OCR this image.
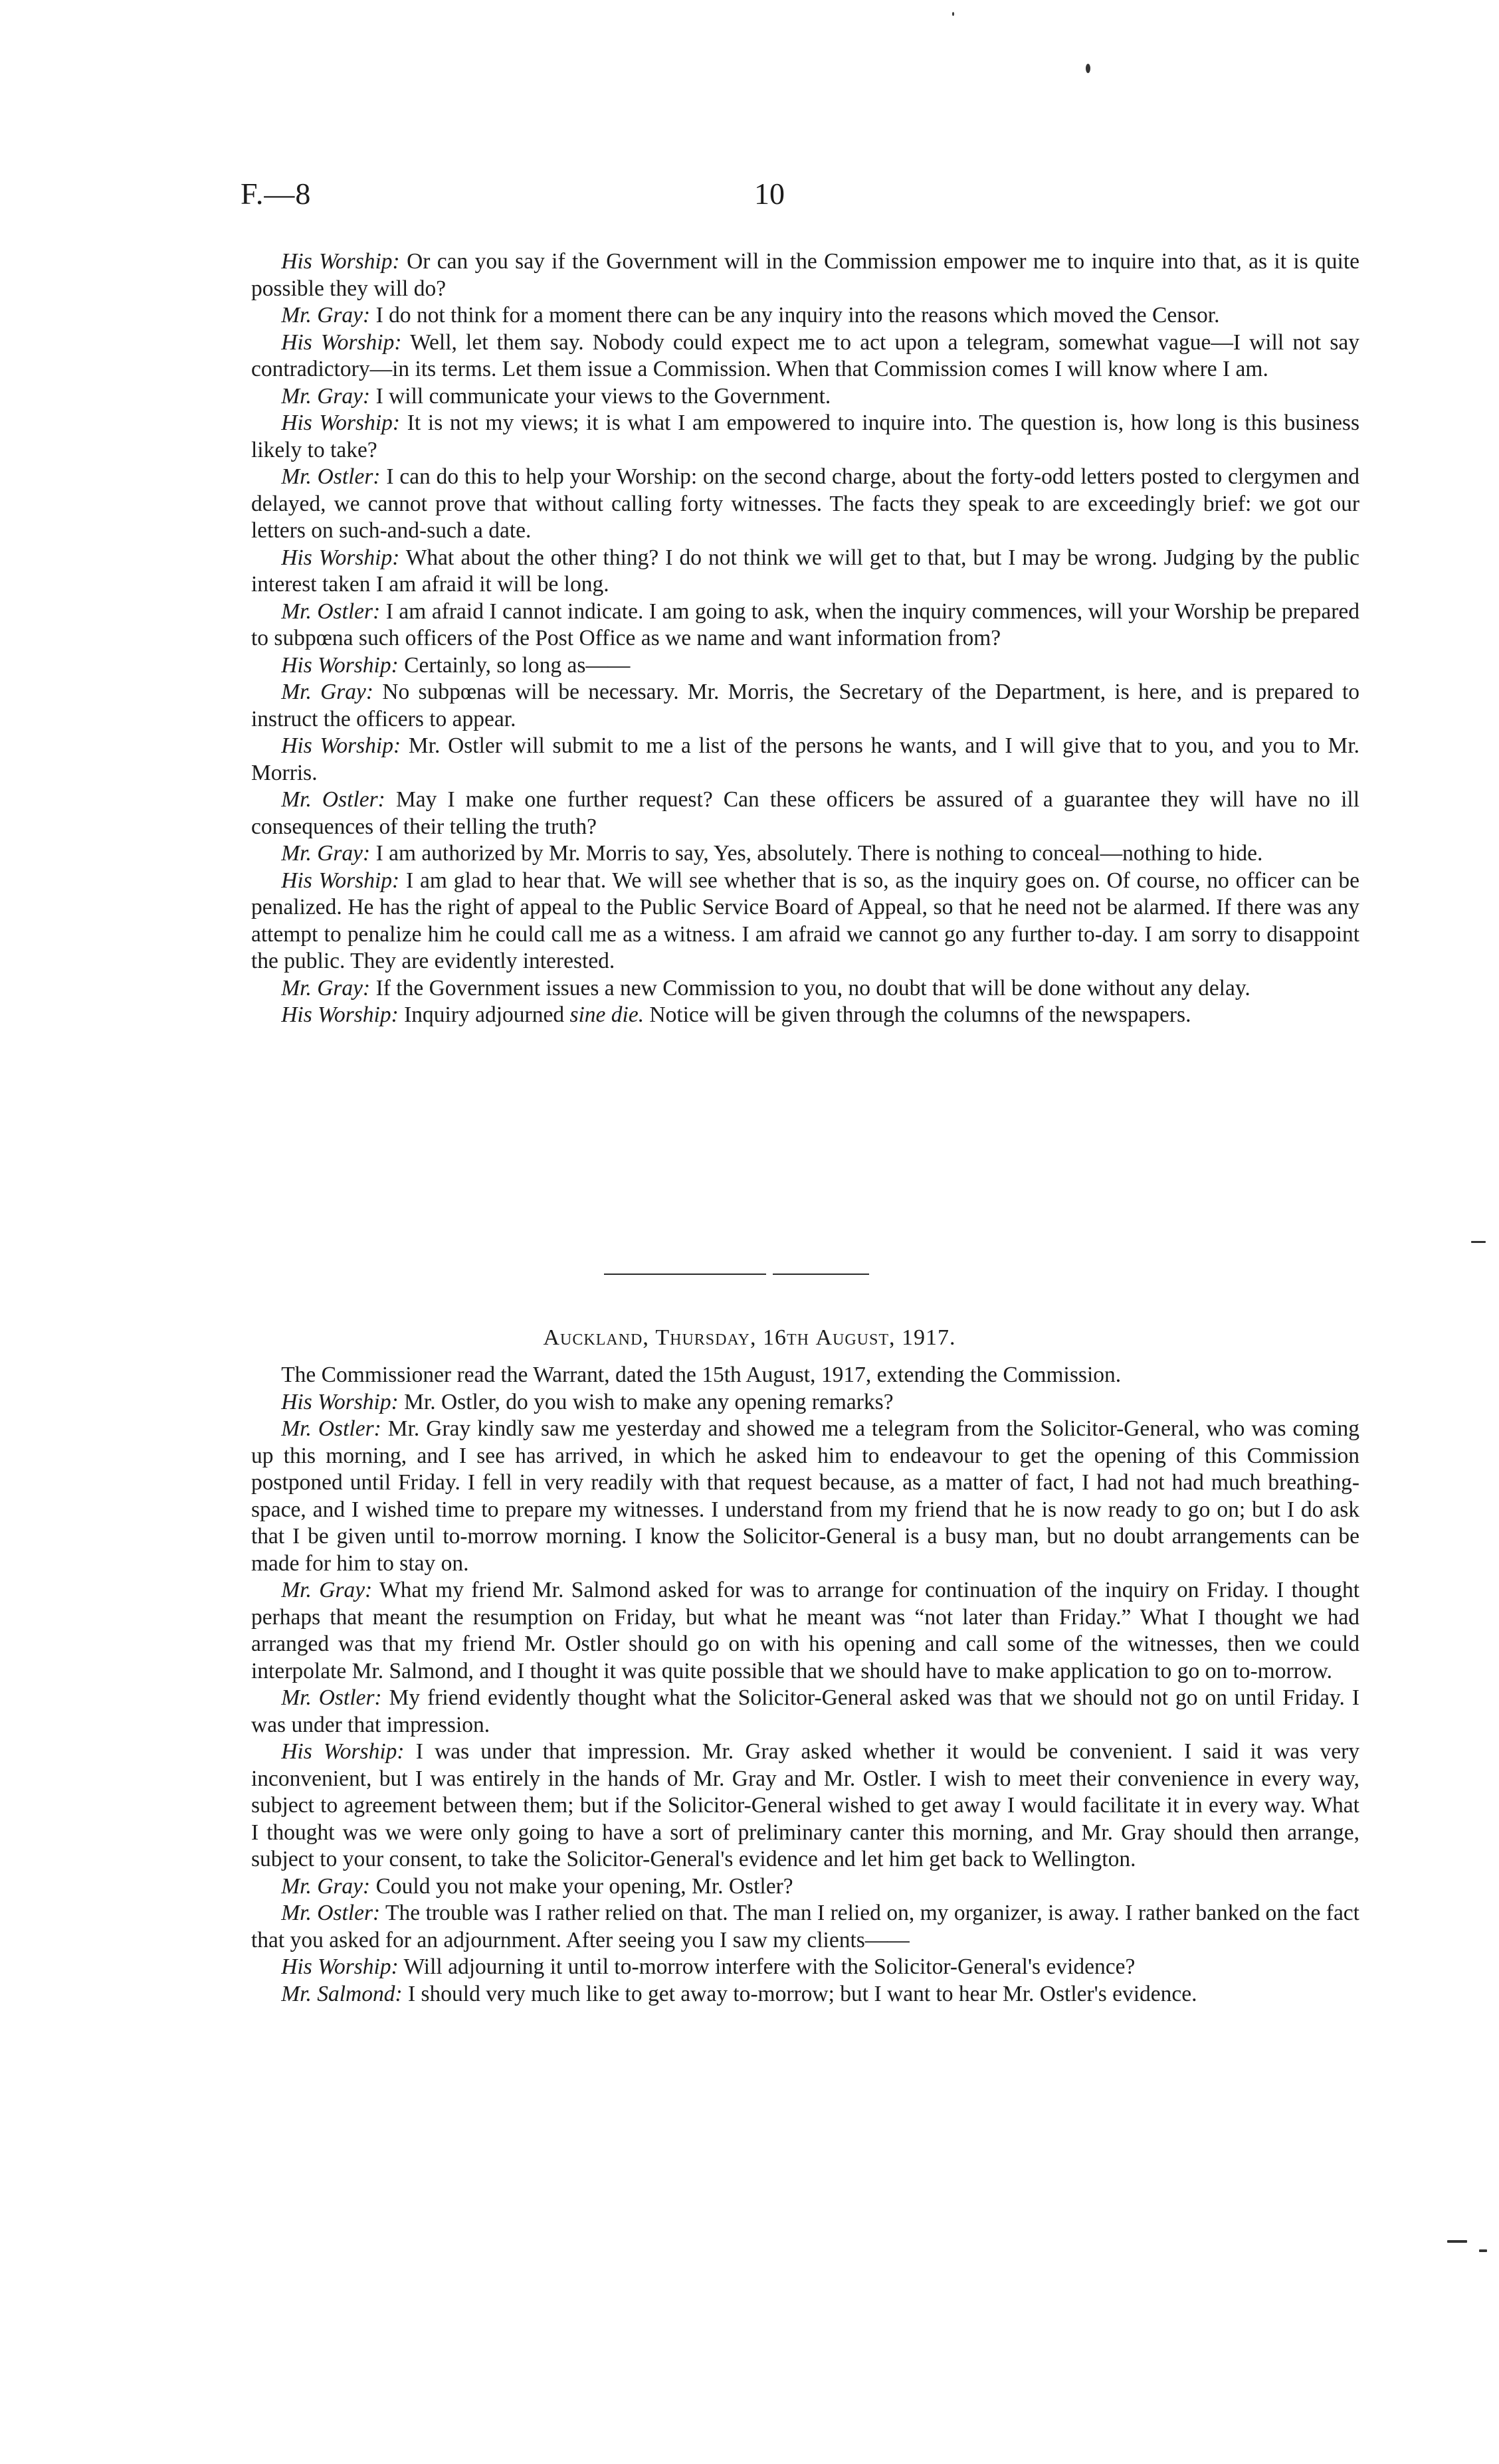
F.—8	10

His Worship: Or can you say if the Government will in the Commission empower me to inquire into that, as it is quite possible they will do?

Mr. Gray: I do not think for a moment there can be any inquiry into the reasons which moved the Censor.

His Worship: Well, let them say. Nobody could expect me to act upon a telegram, somewhat vague—I will not say contradictory—in its terms. Let them issue a Commission. When that Commission comes I will know where I am.

Mr. Gray: I will communicate your views to the Government.

His Worship: It is not my views; it is what I am empowered to inquire into. The question is, how long is this business likely to take?

Mr. Ostler: I can do this to help your Worship: on the second charge, about the forty-odd letters posted to clergymen and delayed, we cannot prove that without calling forty witnesses. The facts they speak to are exceedingly brief: we got our letters on such-and-such a date.

His Worship: What about the other thing? I do not think we will get to that, but I may be wrong. Judging by the public interest taken I am afraid it will be long.

Mr. Ostler: I am afraid I cannot indicate. I am going to ask, when the inquiry commences, will your Worship be prepared to subpœna such officers of the Post Office as we name and want information from?

His Worship: Certainly, so long as——

Mr. Gray: No subpœnas will be necessary. Mr. Morris, the Secretary of the Department, is here, and is prepared to instruct the officers to appear.

His Worship: Mr. Ostler will submit to me a list of the persons he wants, and I will give that to you, and you to Mr. Morris.

Mr. Ostler: May I make one further request? Can these officers be assured of a guarantee they will have no ill consequences of their telling the truth?

Mr. Gray: I am authorized by Mr. Morris to say, Yes, absolutely. There is nothing to conceal—nothing to hide.

His Worship: I am glad to hear that. We will see whether that is so, as the inquiry goes on. Of course, no officer can be penalized. He has the right of appeal to the Public Service Board of Appeal, so that he need not be alarmed. If there was any attempt to penalize him he could call me as a witness. I am afraid we cannot go any further to-day. I am sorry to disappoint the public. They are evidently interested.

Mr. Gray: If the Government issues a new Commission to you, no doubt that will be done without any delay.

His Worship: Inquiry adjourned sine die. Notice will be given through the columns of the newspapers.

Auckland, Thursday, 16th August, 1917.

The Commissioner read the Warrant, dated the 15th August, 1917, extending the Commission.

His Worship: Mr. Ostler, do you wish to make any opening remarks?

Mr. Ostler: Mr. Gray kindly saw me yesterday and showed me a telegram from the Solicitor-General, who was coming up this morning, and I see has arrived, in which he asked him to endeavour to get the opening of this Commission postponed until Friday. I fell in very readily with that request because, as a matter of fact, I had not had much breathing-space, and I wished time to prepare my witnesses. I understand from my friend that he is now ready to go on; but I do ask that I be given until to-morrow morning. I know the Solicitor-General is a busy man, but no doubt arrangements can be made for him to stay on.

Mr. Gray: What my friend Mr. Salmond asked for was to arrange for continuation of the inquiry on Friday. I thought perhaps that meant the resumption on Friday, but what he meant was “not later than Friday.” What I thought we had arranged was that my friend Mr. Ostler should go on with his opening and call some of the witnesses, then we could interpolate Mr. Salmond, and I thought it was quite possible that we should have to make application to go on to-morrow.

Mr. Ostler: My friend evidently thought what the Solicitor-General asked was that we should not go on until Friday. I was under that impression.

His Worship: I was under that impression. Mr. Gray asked whether it would be convenient. I said it was very inconvenient, but I was entirely in the hands of Mr. Gray and Mr. Ostler. I wish to meet their convenience in every way, subject to agreement between them; but if the Solicitor-General wished to get away I would facilitate it in every way. What I thought was we were only going to have a sort of preliminary canter this morning, and Mr. Gray should then arrange, subject to your consent, to take the Solicitor-General's evidence and let him get back to Wellington.

Mr. Gray: Could you not make your opening, Mr. Ostler?

Mr. Ostler: The trouble was I rather relied on that. The man I relied on, my organizer, is away. I rather banked on the fact that you asked for an adjournment. After seeing you I saw my clients——

His Worship: Will adjourning it until to-morrow interfere with the Solicitor-General's evidence?

Mr. Salmond: I should very much like to get away to-morrow; but I want to hear Mr. Ostler's evidence.
